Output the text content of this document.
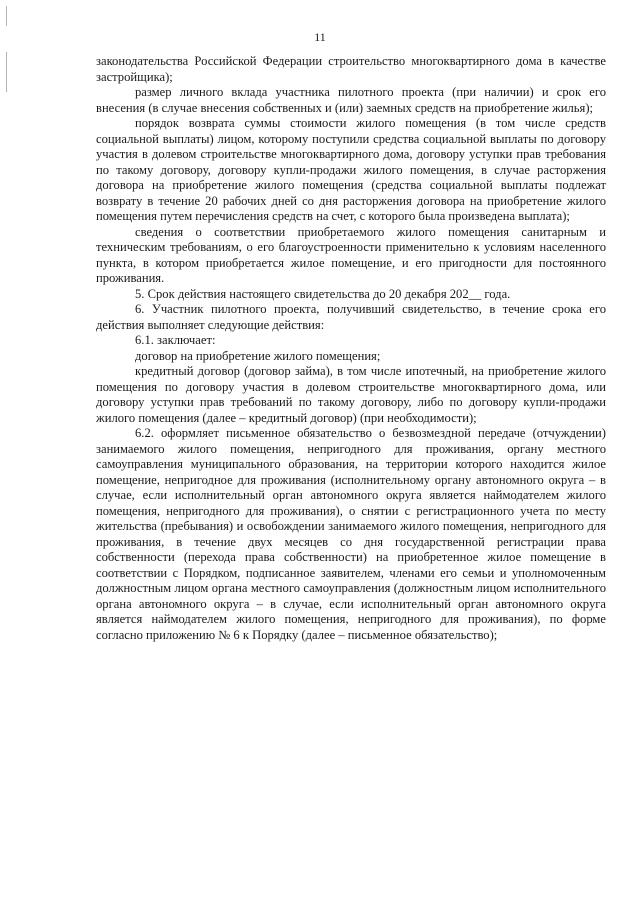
11

законодательства Российской Федерации строительство многоквартирного дома в качестве застройщика);

размер личного вклада участника пилотного проекта (при наличии) и срок его внесения (в случае внесения собственных и (или) заемных средств на приобретение жилья);

порядок возврата суммы стоимости жилого помещения (в том числе средств социальной выплаты) лицом, которому поступили средства социальной выплаты по договору участия в долевом строительстве многоквартирного дома, договору уступки прав требования по такому договору, договору купли-продажи жилого помещения, в случае расторжения договора на приобретение жилого помещения (средства социальной выплаты подлежат возврату в течение 20 рабочих дней со дня расторжения договора на приобретение жилого помещения путем перечисления средств на счет, с которого была произведена выплата);

сведения о соответствии приобретаемого жилого помещения санитарным и техническим требованиям, о его благоустроенности применительно к условиям населенного пункта, в котором приобретается жилое помещение, и его пригодности для постоянного проживания.

5. Срок действия настоящего свидетельства до 20 декабря 202__ года.

6. Участник пилотного проекта, получивший свидетельство, в течение срока его действия выполняет следующие действия:

6.1. заключает:

договор на приобретение жилого помещения;

кредитный договор (договор займа), в том числе ипотечный, на приобретение жилого помещения по договору участия в долевом строительстве многоквартирного дома, или договору уступки прав требований по такому договору, либо по договору купли-продажи жилого помещения (далее – кредитный договор) (при необходимости);

6.2. оформляет письменное обязательство о безвозмездной передаче (отчуждении) занимаемого жилого помещения, непригодного для проживания, органу местного самоуправления муниципального образования, на территории которого находится жилое помещение, непригодное для проживания (исполнительному органу автономного округа – в случае, если исполнительный орган автономного округа является наймодателем жилого помещения, непригодного для проживания), о снятии с регистрационного учета по месту жительства (пребывания) и освобождении занимаемого жилого помещения, непригодного для проживания, в течение двух месяцев со дня государственной регистрации права собственности (перехода права собственности) на приобретенное жилое помещение в соответствии с Порядком, подписанное заявителем, членами его семьи и уполномоченным должностным лицом органа местного самоуправления (должностным лицом исполнительного органа автономного округа – в случае, если исполнительный орган автономного округа является наймодателем жилого помещения, непригодного для проживания), по форме согласно приложению № 6 к Порядку (далее – письменное обязательство);
